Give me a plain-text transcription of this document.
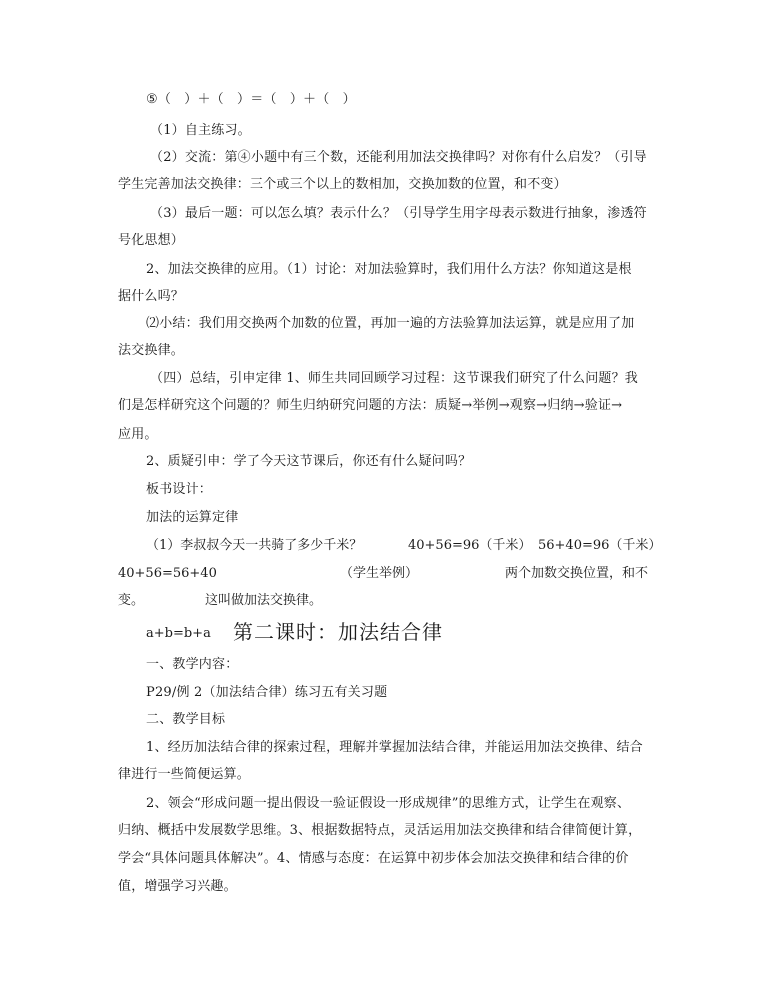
⑤（　）＋（　）＝（　）＋（　）
（1）自主练习。
（2）交流：第④小题中有三个数，还能利用加法交换律吗？对你有什么启发？（引导
学生完善加法交换律：三个或三个以上的数相加，交换加数的位置，和不变）
（3）最后一题：可以怎么填？表示什么？（引导学生用字母表示数进行抽象，渗透符
号化思想）
2、加法交换律的应用。（1）讨论：对加法验算时，我们用什么方法？你知道这是根
据什么吗？
⑵小结：我们用交换两个加数的位置，再加一遍的方法验算加法运算，就是应用了加
法交换律。
（四）总结，引申定律 1、师生共同回顾学习过程：这节课我们研究了什么问题？我
们是怎样研究这个问题的？师生归纳研究问题的方法：质疑→举例→观察→归纳→验证→
应用。
2、质疑引申：学了今天这节课后，你还有什么疑问吗？
板书设计：
加法的运算定律
（1）李叔叔今天一共骑了多少千米？	40+56=96（千米） 56+40=96（千米）
40+56=56+40	（学生举例）	两个加数交换位置，和不
变。	这叫做加法交换律。
a+b=b+a 第二课时：加法结合律
一、教学内容：
P29/例 2（加法结合律）练习五有关习题
二、教学目标
1、经历加法结合律的探索过程，理解并掌握加法结合律，并能运用加法交换律、结合
律进行一些简便运算。
2、领会“形成问题一提出假设一验证假设一形成规律”的思维方式，让学生在观察、
归纳、概括中发展数学思维。3、根据数据特点，灵活运用加法交换律和结合律简便计算，
学会“具体问题具体解决”。4、情感与态度：在运算中初步体会加法交换律和结合律的价
值，增强学习兴趣。
